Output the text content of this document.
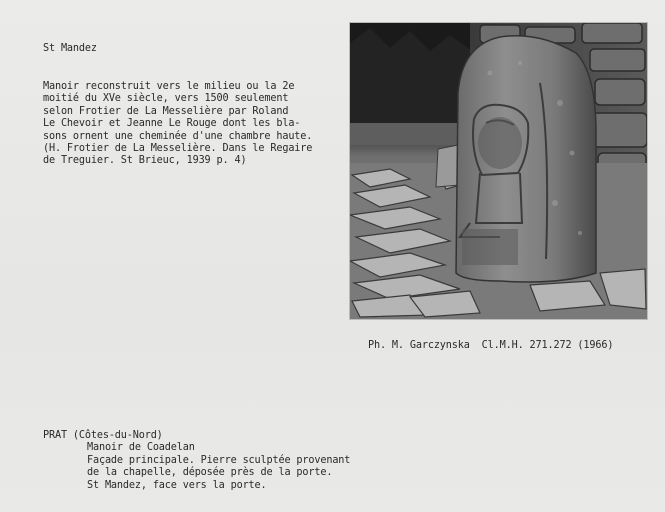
St Mandez
Manoir reconstruit vers le milieu ou la 2e
moitié du XVe siècle, vers 1500 seulement
selon Frotier de La Messelière par Roland
Le Chevoir et Jeanne Le Rouge dont les bla-
sons ornent une cheminée d'une chambre haute.
(H. Frotier de La Messelière. Dans le Regaire
de Treguier. St Brieuc, 1939 p. 4)
Ph. M. Garczynska  Cl.M.H. 271.272 (1966)
PRAT (Côtes-du-Nord)
Manoir de Coadelan
Façade principale. Pierre sculptée provenant
de la chapelle, déposée près de la porte.
St Mandez, face vers la porte.
